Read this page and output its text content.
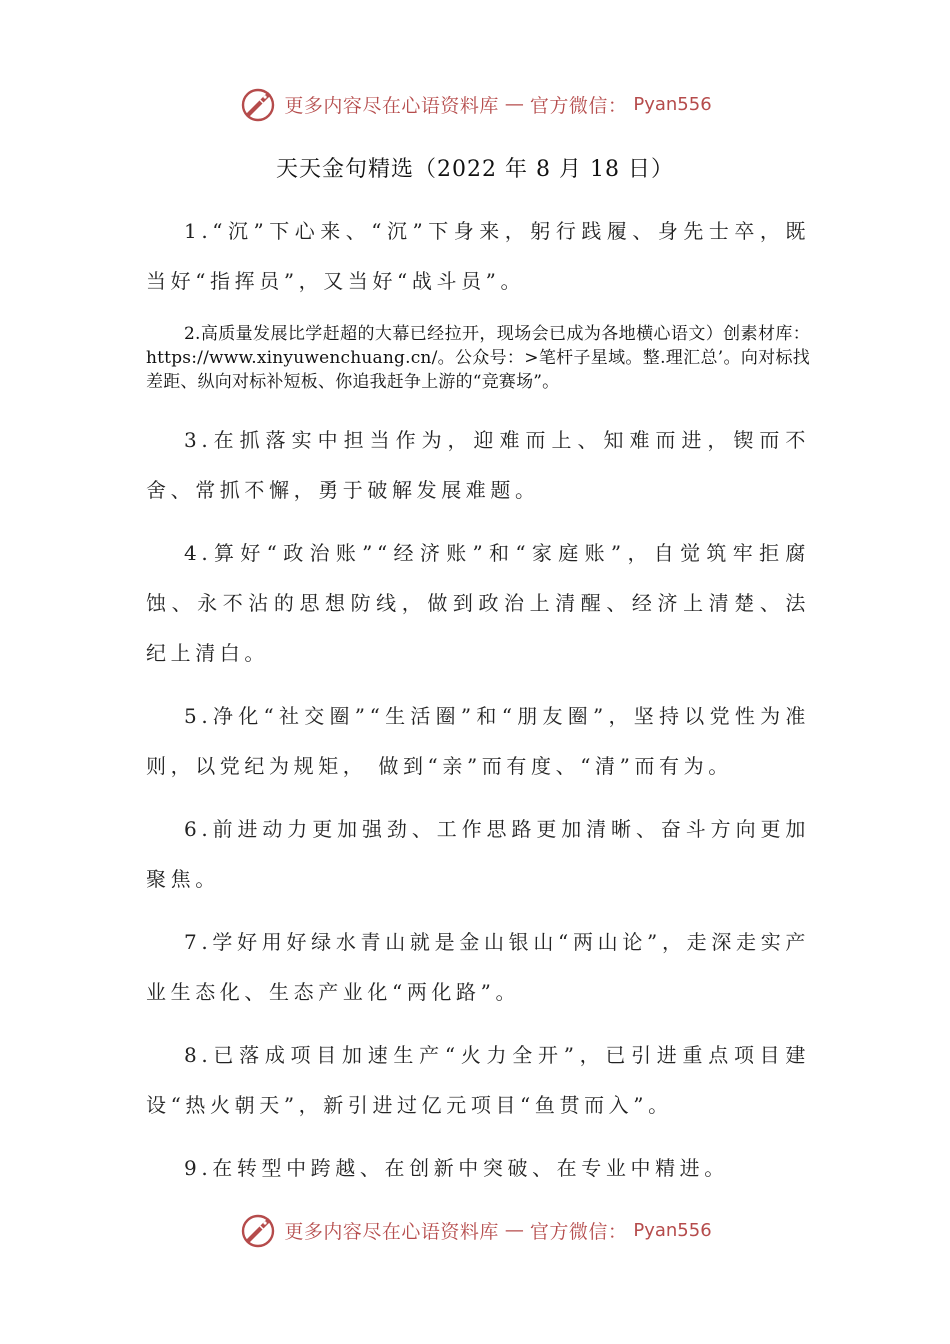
更多内容尽在心语资料库 — 官方微信： Pyan556
天天金句精选（2022 年 8 月 18 日）

1.“沉”下心来、“沉”下身来，躬行践履、身先士卒，既当好“指挥员”，又当好“战斗员”。

2.高质量发展比学赶超的大幕已经拉开，现场会已成为各地横心语文）创素材库：https://www.xinyuwenchuang.cn/。公众号：>笔杆子星域。整.理汇总’。向对标找差距、纵向对标补短板、你追我赶争上游的“竞赛场”。

3.在抓落实中担当作为，迎难而上、知难而进，锲而不舍、常抓不懈，勇于破解发展难题。

4.算好“政治账”“经济账”和“家庭账”，自觉筑牢拒腐蚀、永不沾的思想防线，做到政治上清醒、经济上清楚、法纪上清白。

5.净化“社交圈”“生活圈”和“朋友圈”，坚持以党性为准则，以党纪为规矩， 做到“亲”而有度、“清”而有为。

6.前进动力更加强劲、工作思路更加清晰、奋斗方向更加聚焦。

7.学好用好绿水青山就是金山银山“两山论”，走深走实产业生态化、生态产业化“两化路”。

8.已落成项目加速生产“火力全开”，已引进重点项目建设“热火朝天”，新引进过亿元项目“鱼贯而入”。

9.在转型中跨越、在创新中突破、在专业中精进。

更多内容尽在心语资料库 — 官方微信： Pyan556
